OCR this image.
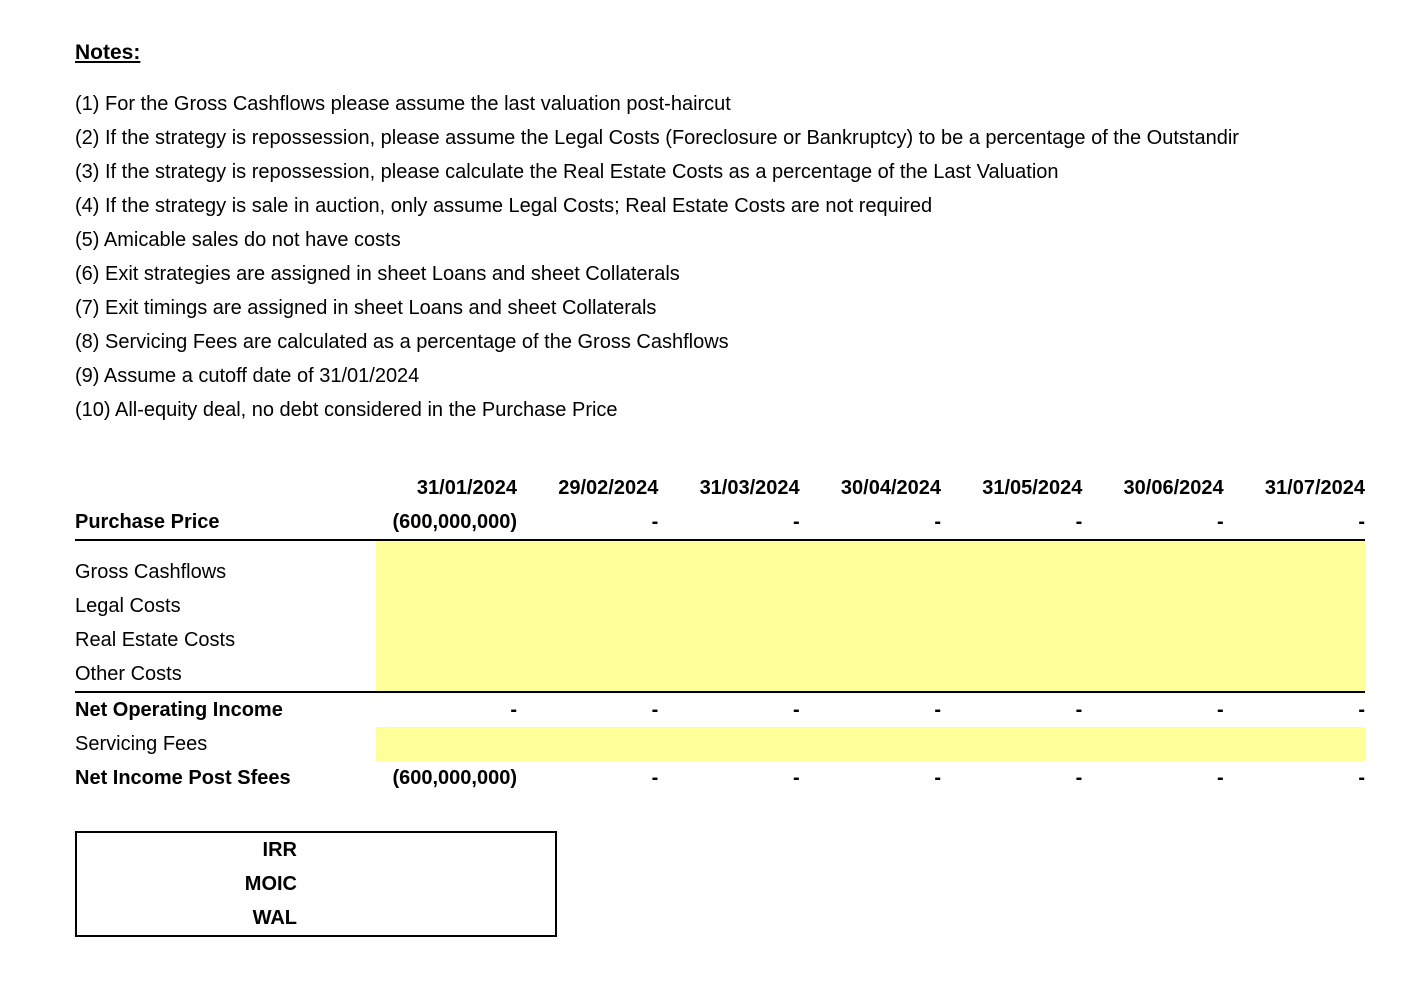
Notes:
(1) For the Gross Cashflows please assume the last valuation post-haircut
(2) If the strategy is repossession, please assume the Legal Costs (Foreclosure or Bankruptcy) to be a percentage of the Outstandir
(3) If the strategy is repossession, please calculate the Real Estate Costs as a percentage of the Last Valuation
(4) If the strategy is sale in auction, only assume Legal Costs; Real Estate Costs are not required
(5) Amicable sales do not have costs
(6) Exit strategies are assigned in sheet Loans and sheet Collaterals
(7) Exit timings are assigned in sheet Loans and sheet Collaterals
(8) Servicing Fees are calculated as a percentage of the Gross Cashflows
(9) Assume a cutoff date of 31/01/2024
(10) All-equity deal, no debt considered in the Purchase Price
	31/01/2024	29/02/2024	31/03/2024	30/04/2024	31/05/2024	30/06/2024	31/07/2024
Purchase Price	(600,000,000)	-	-	-	-	-	-

Gross Cashflows							
Legal Costs							
Real Estate Costs							
Other Costs							
Net Operating Income	-	-	-	-	-	-	-
Servicing Fees							
Net Income Post Sfees	(600,000,000)	-	-	-	-	-	-
IRR	
MOIC	
WAL	
